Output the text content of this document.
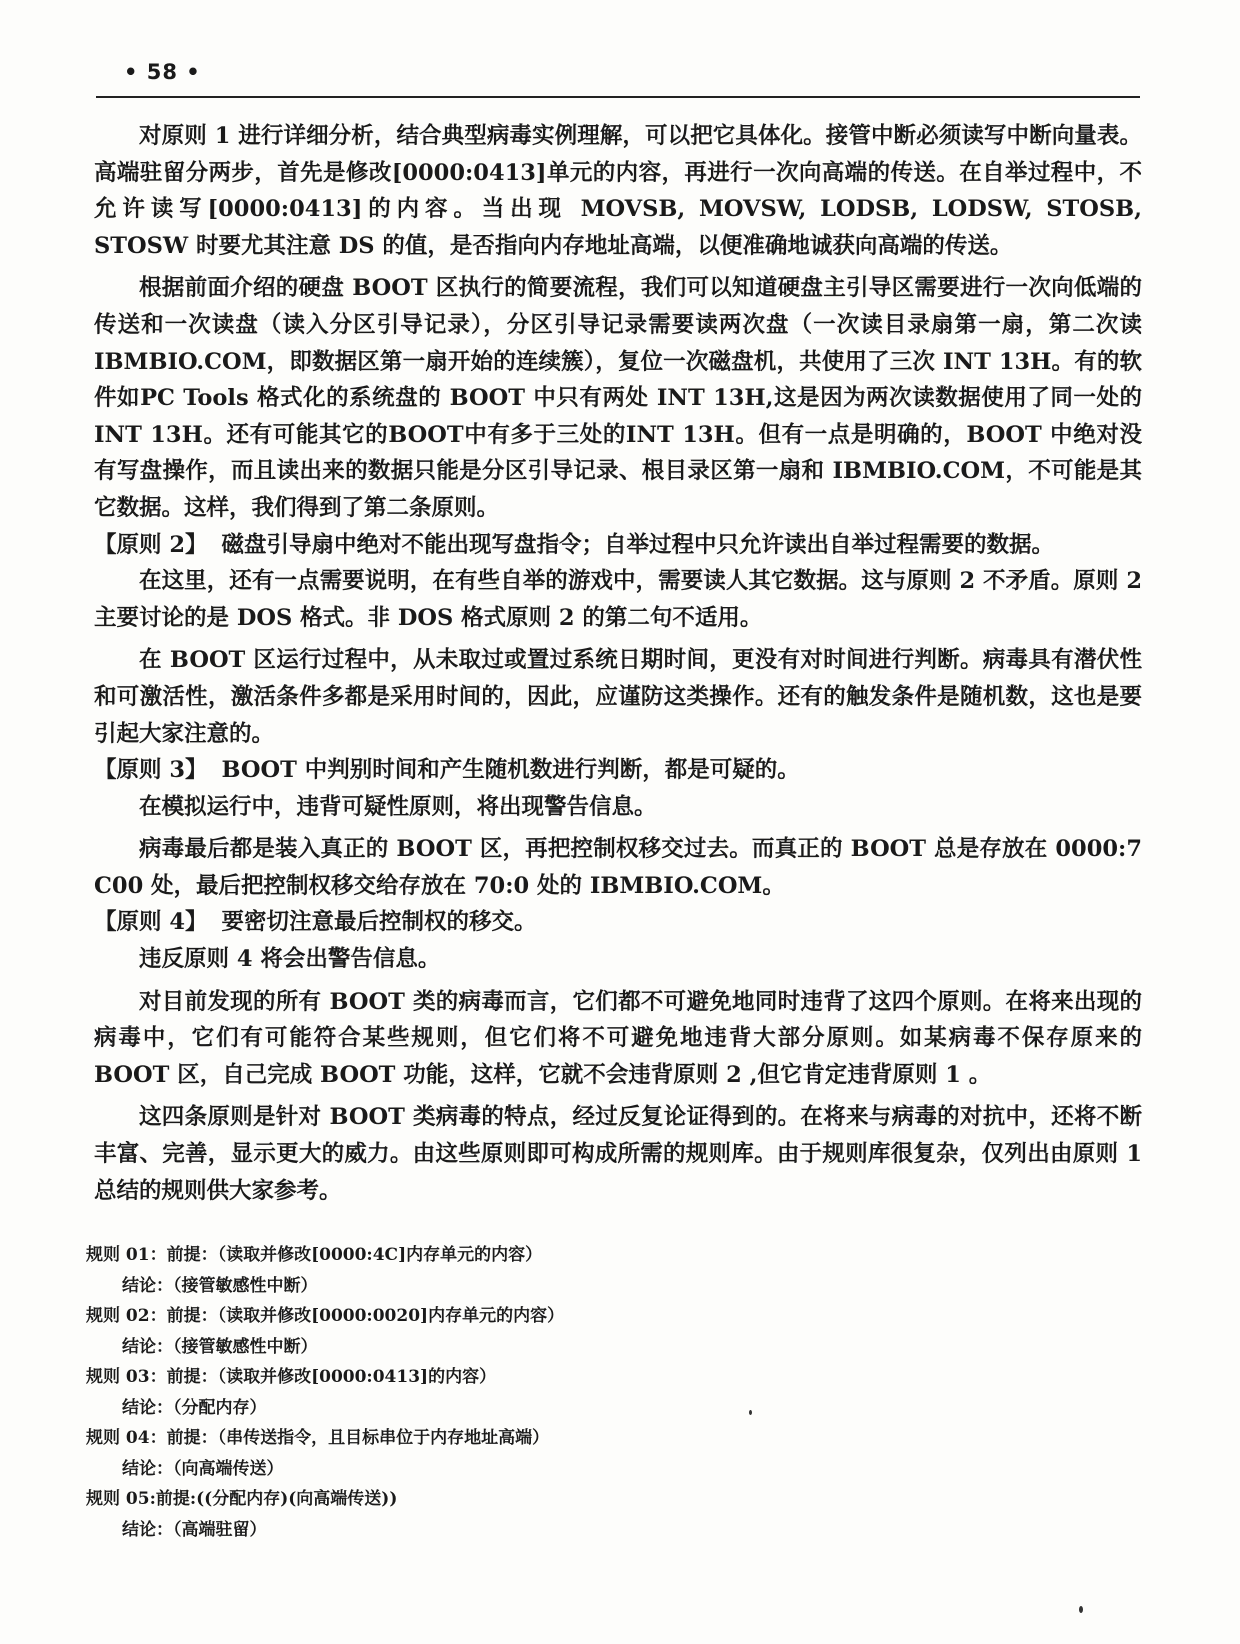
• 58 •

对原则 1 进行详细分析，结合典型病毒实例理解，可以把它具体化。接管中断必须读写中断向量表。高端驻留分两步，首先是修改[0000:0413]单元的内容，再进行一次向高端的传送。在自举过程中，不允许读写[0000:0413]的内容。当出现 MOVSB, MOVSW, LODSB, LODSW, STOSB, STOSW 时要尤其注意 DS 的值，是否指向内存地址高端，以便准确地诚获向高端的传送。

根据前面介绍的硬盘 BOOT 区执行的简要流程，我们可以知道硬盘主引导区需要进行一次向低端的传送和一次读盘（读入分区引导记录），分区引导记录需要读两次盘（一次读目录扇第一扇，第二次读 IBMBIO.COM，即数据区第一扇开始的连续簇），复位一次磁盘机，共使用了三次 INT 13H。有的软件如PC Tools 格式化的系统盘的 BOOT 中只有两处 INT 13H,这是因为两次读数据使用了同一处的 INT 13H。还有可能其它的BOOT中有多于三处的INT 13H。但有一点是明确的，BOOT 中绝对没有写盘操作，而且读出来的数据只能是分区引导记录、根目录区第一扇和 IBMBIO.COM，不可能是其它数据。这样，我们得到了第二条原则。

【原则 2】 磁盘引导扇中绝对不能出现写盘指令；自举过程中只允许读出自举过程需要的数据。

在这里，还有一点需要说明，在有些自举的游戏中，需要读人其它数据。这与原则 2 不矛盾。原则 2 主要讨论的是 DOS 格式。非 DOS 格式原则 2 的第二句不适用。

在 BOOT 区运行过程中，从未取过或置过系统日期时间，更没有对时间进行判断。病毒具有潜伏性和可激活性，激活条件多都是采用时间的，因此，应谨防这类操作。还有的触发条件是随机数，这也是要引起大家注意的。

【原则 3】 BOOT 中判别时间和产生随机数进行判断，都是可疑的。

在模拟运行中，违背可疑性原则，将出现警告信息。

病毒最后都是装入真正的 BOOT 区，再把控制权移交过去。而真正的 BOOT 总是存放在 0000:7 C00 处，最后把控制权移交给存放在 70:0 处的 IBMBIO.COM。

【原则 4】 要密切注意最后控制权的移交。

违反原则 4 将会出警告信息。

对目前发现的所有 BOOT 类的病毒而言，它们都不可避免地同时违背了这四个原则。在将来出现的病毒中，它们有可能符合某些规则，但它们将不可避免地违背大部分原则。如某病毒不保存原来的 BOOT 区，自己完成 BOOT 功能，这样，它就不会违背原则 2 ,但它肯定违背原则 1 。

这四条原则是针对 BOOT 类病毒的特点，经过反复论证得到的。在将来与病毒的对抗中，还将不断丰富、完善，显示更大的威力。由这些原则即可构成所需的规则库。由于规则库很复杂，仅列出由原则 1 总结的规则供大家参考。

规则 01：前提：（读取并修改[0000:4C]内存单元的内容）
结论：（接管敏感性中断）
规则 02：前提：（读取并修改[0000:0020]内存单元的内容）
结论：（接管敏感性中断）
规则 03：前提：（读取并修改[0000:0413]的内容）
结论：（分配内存）
规则 04：前提：（串传送指令，且目标串位于内存地址高端）
结论：（向高端传送）
规则 05:前提:((分配内存)(向高端传送))
结论：（高端驻留）
